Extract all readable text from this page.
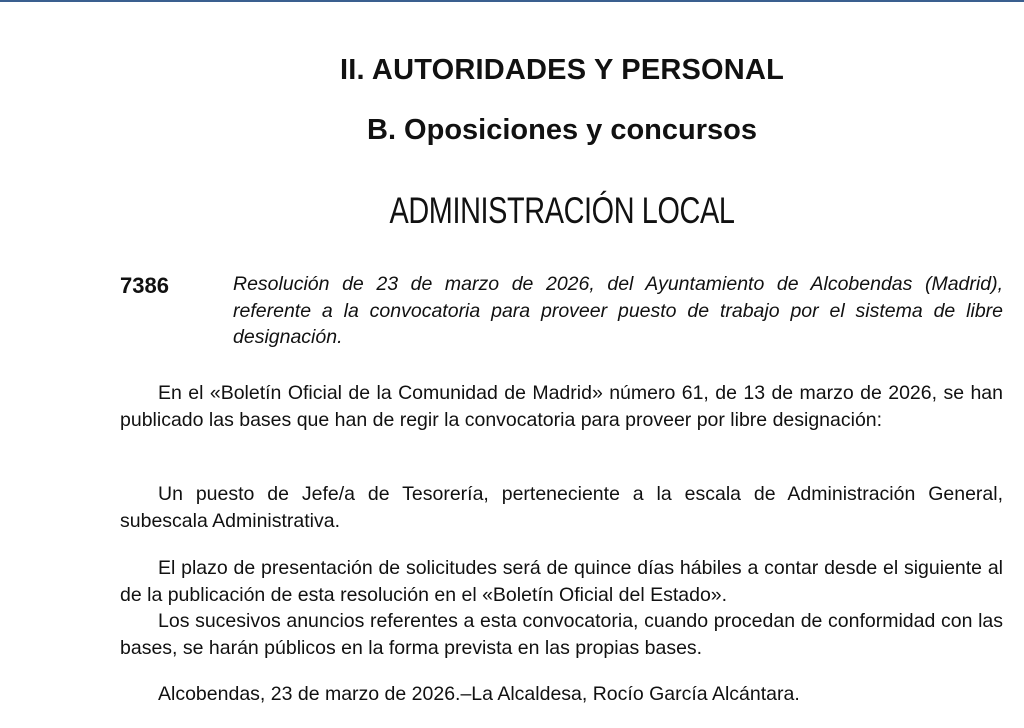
II. AUTORIDADES Y PERSONAL
B. Oposiciones y concursos
ADMINISTRACIÓN LOCAL
7386	Resolución de 23 de marzo de 2026, del Ayuntamiento de Alcobendas (Madrid), referente a la convocatoria para proveer puesto de trabajo por el sistema de libre designación.
En el «Boletín Oficial de la Comunidad de Madrid» número 61, de 13 de marzo de 2026, se han publicado las bases que han de regir la convocatoria para proveer por libre designación:
Un puesto de Jefe/a de Tesorería, perteneciente a la escala de Administración General, subescala Administrativa.
El plazo de presentación de solicitudes será de quince días hábiles a contar desde el siguiente al de la publicación de esta resolución en el «Boletín Oficial del Estado».
Los sucesivos anuncios referentes a esta convocatoria, cuando procedan de conformidad con las bases, se harán públicos en la forma prevista en las propias bases.
Alcobendas, 23 de marzo de 2026.–La Alcaldesa, Rocío García Alcántara.
